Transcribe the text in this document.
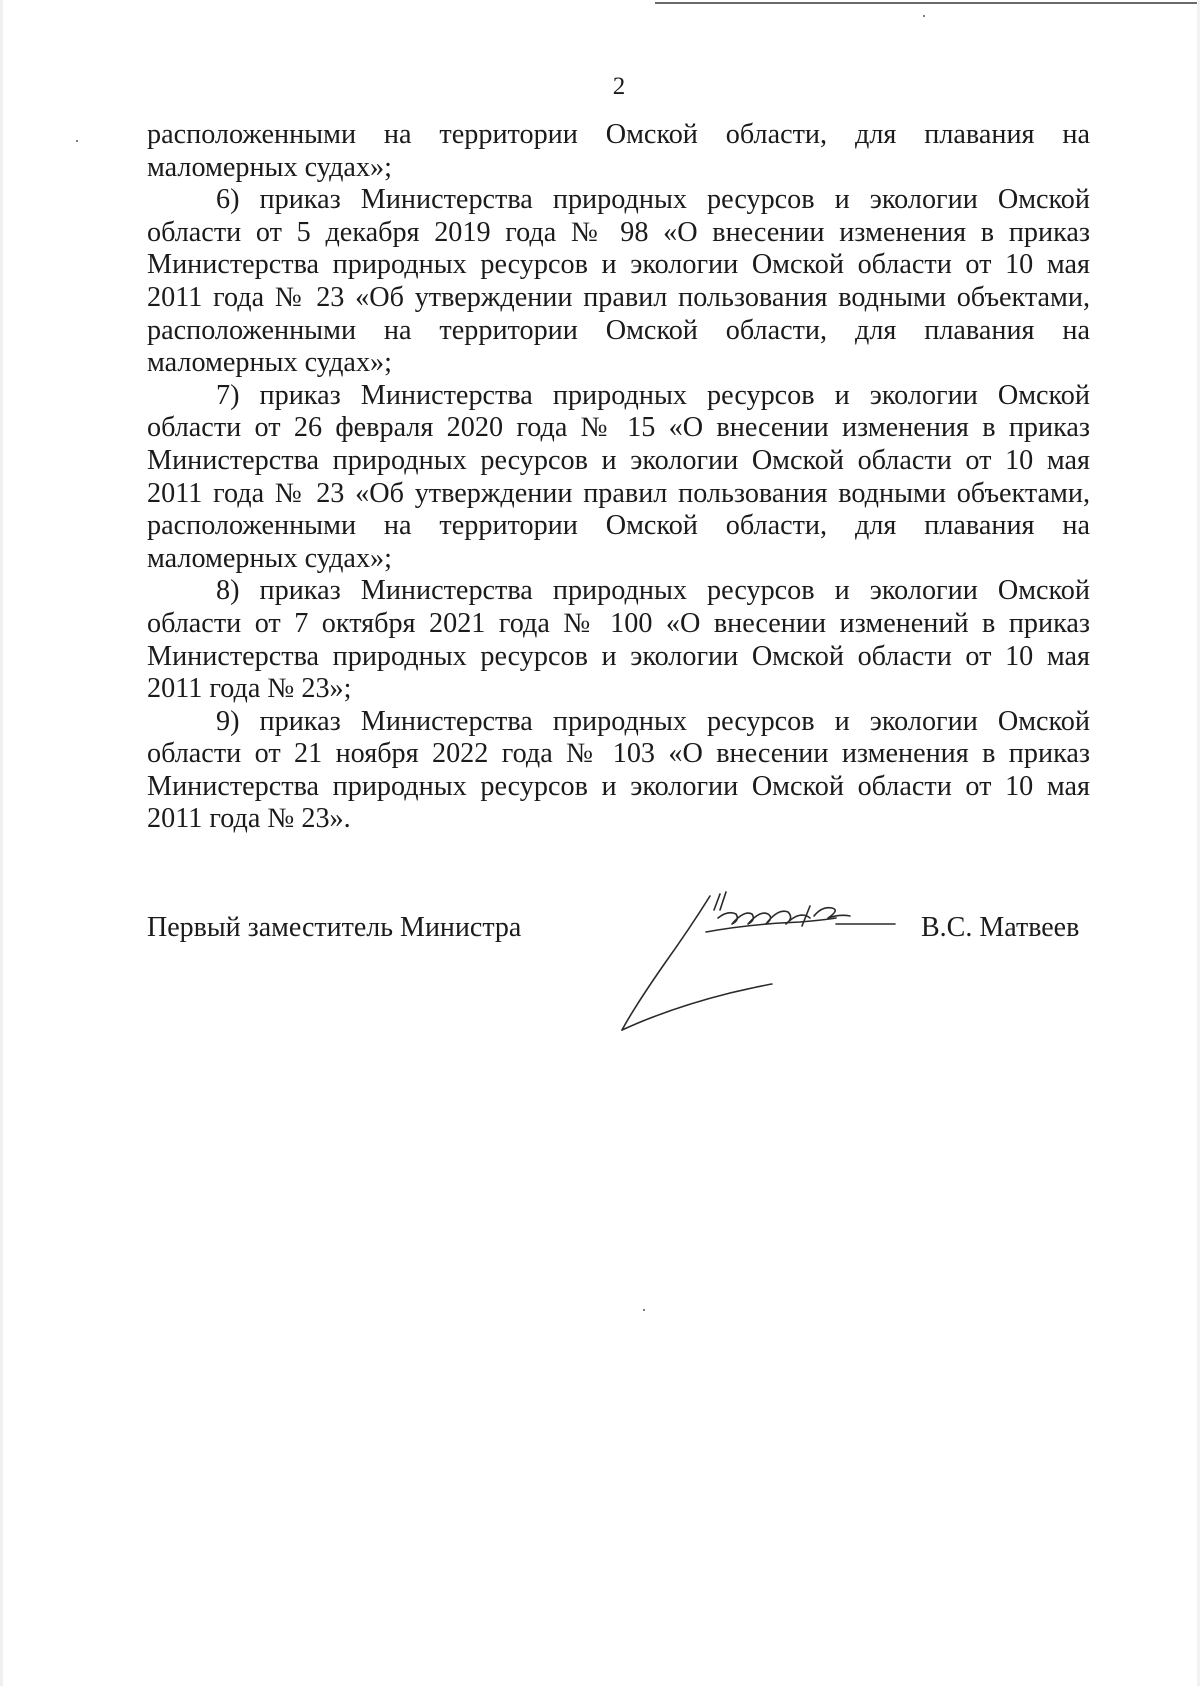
2

расположенными на территории Омской области, для плавания на маломерных судах»;

6) приказ Министерства природных ресурсов и экологии Омской области от 5 декабря 2019 года № 98 «О внесении изменения в приказ Министерства природных ресурсов и экологии Омской области от 10 мая 2011 года № 23 «Об утверждении правил пользования водными объектами, расположенными на территории Омской области, для плавания на маломерных судах»;

7) приказ Министерства природных ресурсов и экологии Омской области от 26 февраля 2020 года № 15 «О внесении изменения в приказ Министерства природных ресурсов и экологии Омской области от 10 мая 2011 года № 23 «Об утверждении правил пользования водными объектами, расположенными на территории Омской области, для плавания на маломерных судах»;

8) приказ Министерства природных ресурсов и экологии Омской области от 7 октября 2021 года № 100 «О внесении изменений в приказ Министерства природных ресурсов и экологии Омской области от 10 мая 2011 года № 23»;

9) приказ Министерства природных ресурсов и экологии Омской области от 21 ноября 2022 года № 103 «О внесении изменения в приказ Министерства природных ресурсов и экологии Омской области от 10 мая 2011 года № 23».

Первый заместитель Министра	В.С. Матвеев
